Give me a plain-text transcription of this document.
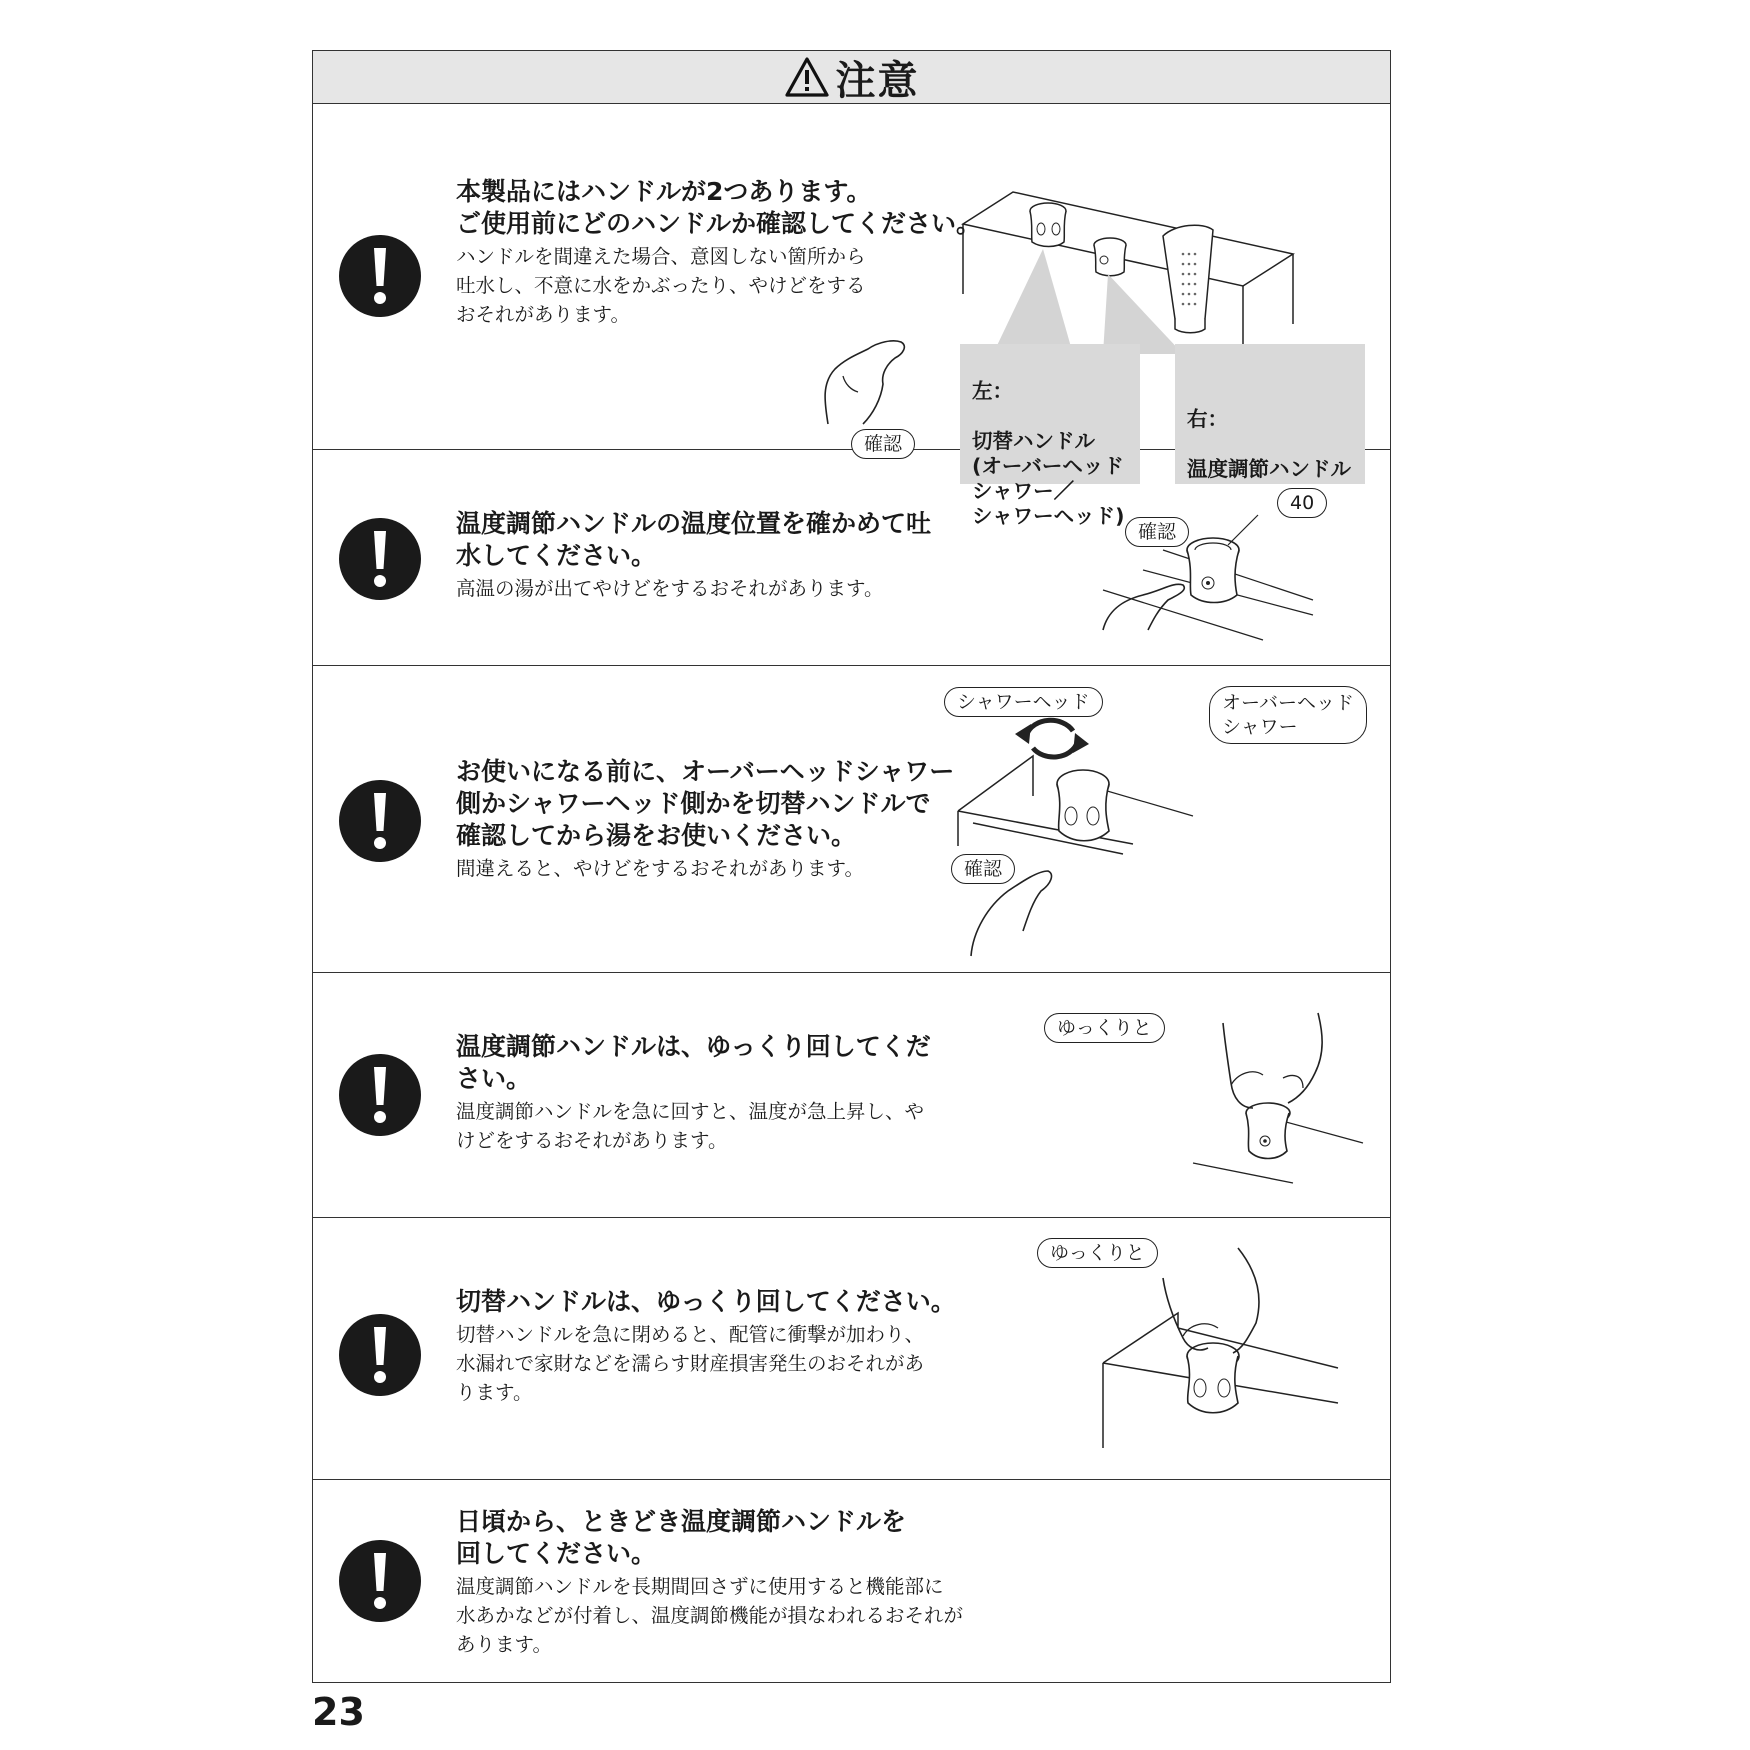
注意
本製品にはハンドルが2つあります。
ご使用前にどのハンドルか確認してください。
ハンドルを間違えた場合、意図しない箇所から
吐水し、不意に水をかぶったり、やけどをする
おそれがあります。
確認

左：

切替ハンドル
(オーバーヘッド
シャワー／
シャワーヘッド)

右：

温度調節ハンドル

温度調節ハンドルの温度位置を確かめて吐
水してください。
高温の湯が出てやけどをするおそれがあります。
確認
40
お使いになる前に、オーバーヘッドシャワー
側かシャワーヘッド側かを切替ハンドルで
確認してから湯をお使いください。
間違えると、やけどをするおそれがあります。
シャワーヘッド	オーバーヘッド
シャワー
確認
温度調節ハンドルは、ゆっくり回してくだ
さい。
温度調節ハンドルを急に回すと、温度が急上昇し、や
けどをするおそれがあります。
ゆっくりと
切替ハンドルは、ゆっくり回してください。
切替ハンドルを急に閉めると、配管に衝撃が加わり、
水漏れで家財などを濡らす財産損害発生のおそれがあ
ります。
ゆっくりと
日頃から、ときどき温度調節ハンドルを
回してください。
温度調節ハンドルを長期間回さずに使用すると機能部に
水あかなどが付着し、温度調節機能が損なわれるおそれが
あります。
23
